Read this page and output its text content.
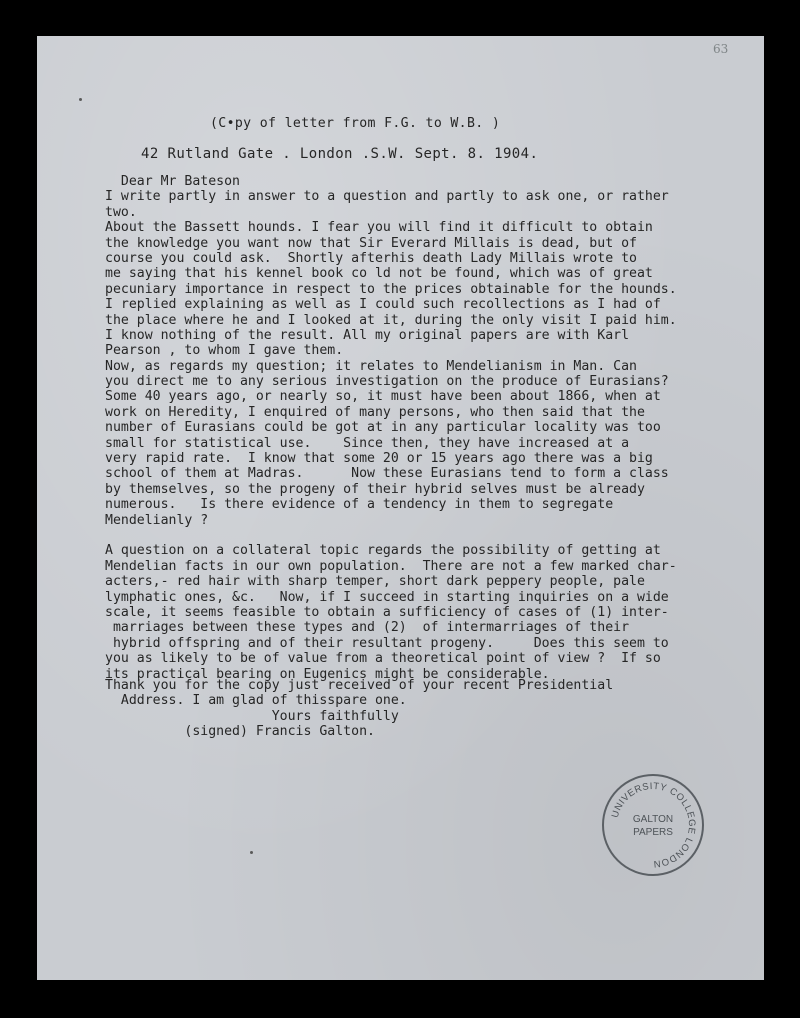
63
(C•py of letter from F.G. to W.B. )
42 Rutland Gate . London .S.W. Sept. 8. 1904.
Dear Mr Bateson
I write partly in answer to a question and partly to ask one, or rather
two.
About the Bassett hounds. I fear you will find it difficult to obtain
the knowledge you want now that Sir Everard Millais is dead, but of
course you could ask.  Shortly afterhis death Lady Millais wrote to
me saying that his kennel book co ld not be found, which was of great
pecuniary importance in respect to the prices obtainable for the hounds.
I replied explaining as well as I could such recollections as I had of
the place where he and I looked at it, during the only visit I paid him.
I know nothing of the result. All my original papers are with Karl
Pearson , to whom I gave them.
Now, as regards my question; it relates to Mendelianism in Man. Can
you direct me to any serious investigation on the produce of Eurasians?
Some 40 years ago, or nearly so, it must have been about 1866, when at
work on Heredity, I enquired of many persons, who then said that the
number of Eurasians could be got at in any particular locality was too
small for statistical use.    Since then, they have increased at a
very rapid rate.  I know that some 20 or 15 years ago there was a big
school of them at Madras.      Now these Eurasians tend to form a class
by themselves, so the progeny of their hybrid selves must be already
numerous.   Is there evidence of a tendency in them to segregate
Mendelianly ?
A question on a collateral topic regards the possibility of getting at
Mendelian facts in our own population.  There are not a few marked char-
acters,- red hair with sharp temper, short dark peppery people, pale
lymphatic ones, &c.   Now, if I succeed in starting inquiries on a wide
scale, it seems feasible to obtain a sufficiency of cases of (1) inter-
marriages between these types and (2)  of intermarriages of their
hybrid offspring and of their resultant progeny.     Does this seem to
you as likely to be of value from a theoretical point of view ?  If so
its practical bearing on Eugenics might be considerable.
Thank you for the copy just received of your recent Presidential
Address. I am glad of thisspare one.
Yours faithfully
(signed) Francis Galton.
UNIVERSITY COLLEGE LONDON
GALTON
PAPERS
